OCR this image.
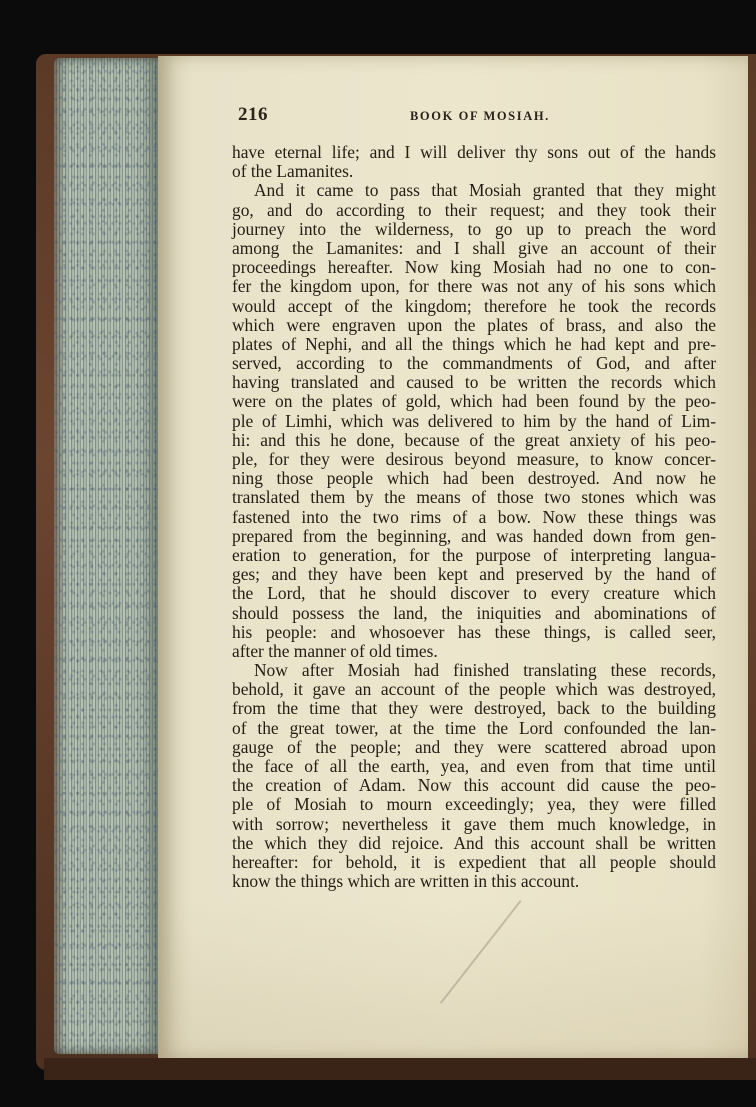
216	BOOK OF MOSIAH.
have eternal life; and I will deliver thy sons out of the hands
of the Lamanites.
And it came to pass that Mosiah granted that they might
go, and do according to their request; and they took their
journey into the wilderness, to go up to preach the word
among the Lamanites: and I shall give an account of their
proceedings hereafter. Now king Mosiah had no one to con-
fer the kingdom upon, for there was not any of his sons which
would accept of the kingdom; therefore he took the records
which were engraven upon the plates of brass, and also the
plates of Nephi, and all the things which he had kept and pre-
served, according to the commandments of God, and after
having translated and caused to be written the records which
were on the plates of gold, which had been found by the peo-
ple of Limhi, which was delivered to him by the hand of Lim-
hi: and this he done, because of the great anxiety of his peo-
ple, for they were desirous beyond measure, to know concer-
ning those people which had been destroyed. And now he
translated them by the means of those two stones which was
fastened into the two rims of a bow. Now these things was
prepared from the beginning, and was handed down from gen-
eration to generation, for the purpose of interpreting langua-
ges; and they have been kept and preserved by the hand of
the Lord, that he should discover to every creature which
should possess the land, the iniquities and abominations of
his people: and whosoever has these things, is called seer,
after the manner of old times.
Now after Mosiah had finished translating these records,
behold, it gave an account of the people which was destroyed,
from the time that they were destroyed, back to the building
of the great tower, at the time the Lord confounded the lan-
gauge of the people; and they were scattered abroad upon
the face of all the earth, yea, and even from that time until
the creation of Adam. Now this account did cause the peo-
ple of Mosiah to mourn exceedingly; yea, they were filled
with sorrow; nevertheless it gave them much knowledge, in
the which they did rejoice. And this account shall be written
hereafter: for behold, it is expedient that all people should
know the things which are written in this account.
